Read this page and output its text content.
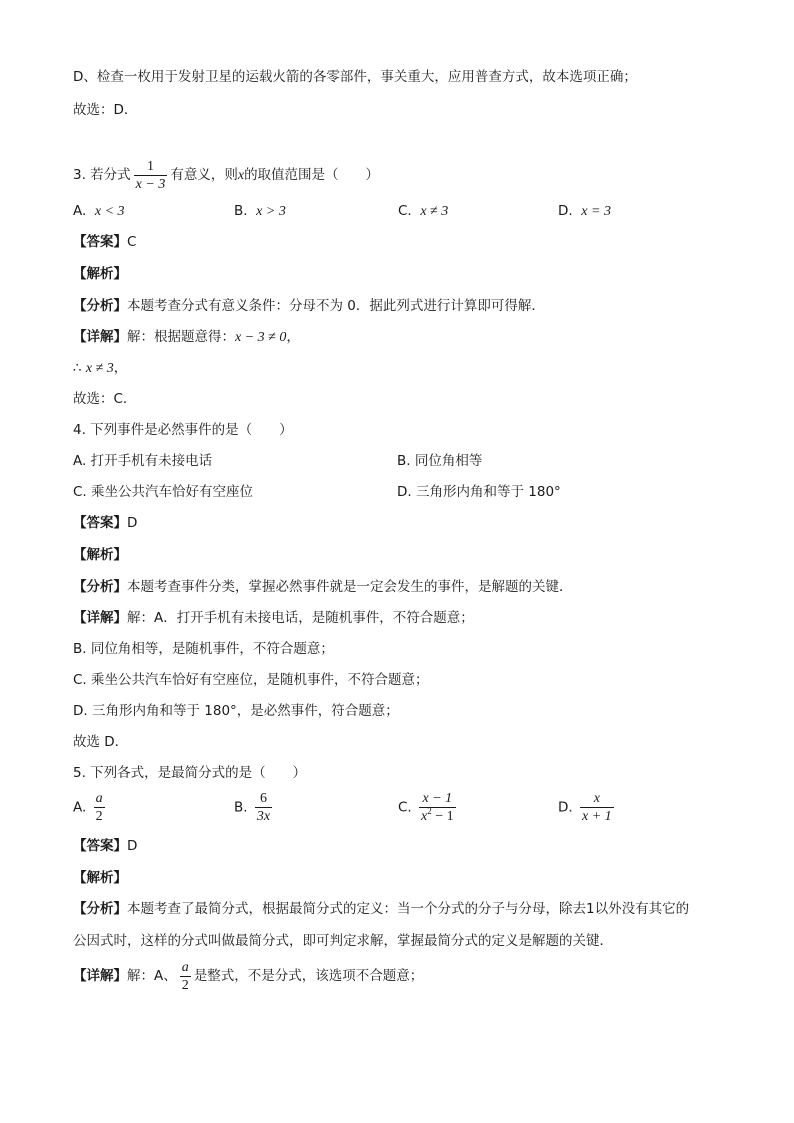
D、检查一枚用于发射卫星的运载火箭的各零部件，事关重大，应用普查方式，故本选项正确；
故选：D．
3. 若分式 $\frac{1}{x - 3}$ 有意义，则x的取值范围是（　　）
A. x < 3	B. x > 3	C. x ≠ 3	D. x = 3
【答案】C
【解析】
【分析】本题考查分式有意义条件：分母不为 0．据此列式进行计算即可得解．
【详解】解：根据题意得：x − 3 ≠ 0，
∴ x ≠ 3，
故选：C．
4. 下列事件是必然事件的是（　　）
A. 打开手机有未接电话	B. 同位角相等
C. 乘坐公共汽车恰好有空座位	D. 三角形内角和等于 180°
【答案】D
【解析】
【分析】本题考查事件分类，掌握必然事件就是一定会发生的事件，是解题的关键．
【详解】解：A．打开手机有未接电话，是随机事件，不符合题意；
B. 同位角相等，是随机事件，不符合题意；
C. 乘坐公共汽车恰好有空座位，是随机事件，不符合题意；
D. 三角形内角和等于 180°，是必然事件，符合题意；
故选 D．
5. 下列各式，是最简分式的是（　　）
A. $\frac{a}{2}$	B. $\frac{6}{3x}$	C. $\frac{x - 1}{x^2 - 1}$	D. $\frac{x}{x + 1}$
【答案】D
【解析】
【分析】本题考查了最简分式，根据最简分式的定义：当一个分式的分子与分母，除去1以外没有其它的
公因式时，这样的分式叫做最简分式，即可判定求解，掌握最简分式的定义是解题的关键．
【详解】解：A、 $\frac{a}{2}$ 是整式，不是分式，该选项不合题意；
